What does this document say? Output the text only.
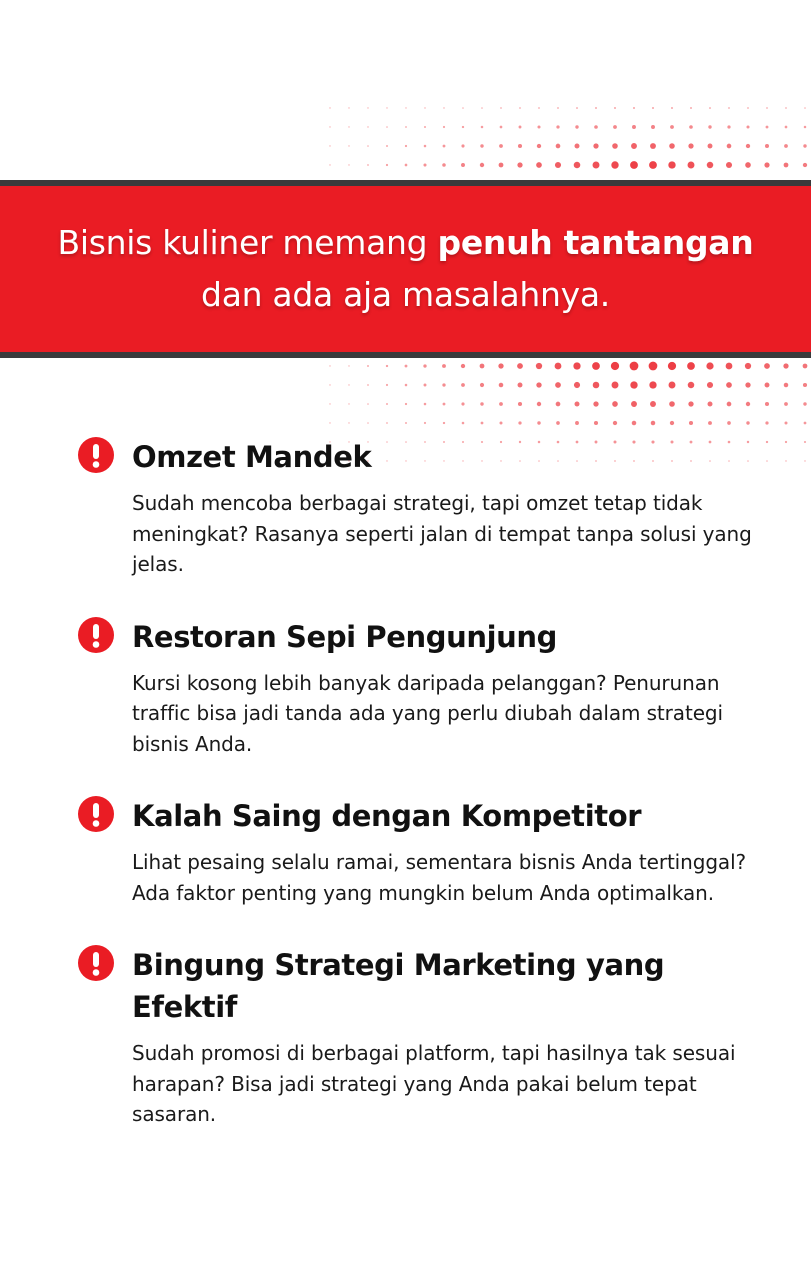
Bisnis kuliner memang penuh tantangan
dan ada aja masalahnya.
Omzet Mandek

Sudah mencoba berbagai strategi, tapi omzet tetap tidak meningkat? Rasanya seperti jalan di tempat tanpa solusi yang jelas.

Restoran Sepi Pengunjung

Kursi kosong lebih banyak daripada pelanggan? Penurunan traffic bisa jadi tanda ada yang perlu diubah dalam strategi bisnis Anda.

Kalah Saing dengan Kompetitor

Lihat pesaing selalu ramai, sementara bisnis Anda tertinggal? Ada faktor penting yang mungkin belum Anda optimalkan.

Bingung Strategi Marketing yang Efektif

Sudah promosi di berbagai platform, tapi hasilnya tak sesuai harapan? Bisa jadi strategi yang Anda pakai belum tepat sasaran.
